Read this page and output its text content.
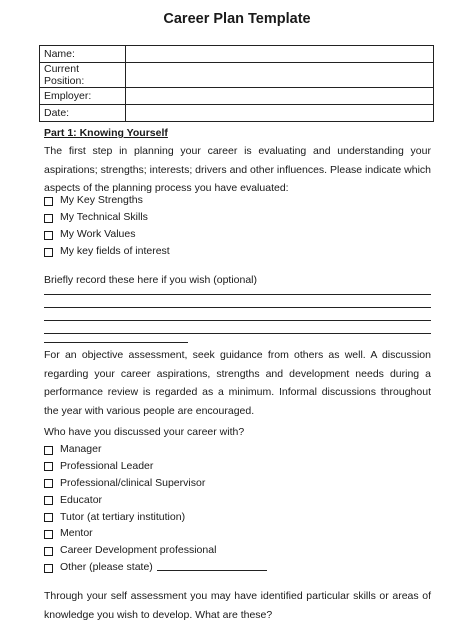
Career Plan Template
Name:	
Current Position:	
Employer:	
Date:	
Part 1: Knowing Yourself

The first step in planning your career is evaluating and understanding your aspirations; strengths; interests; drivers and other influences. Please indicate which aspects of the planning process you have evaluated:

My Key Strengths
My Technical Skills
My Work Values
My key fields of interest
Briefly record these here if you wish (optional)

For an objective assessment, seek guidance from others as well. A discussion regarding your career aspirations, strengths and development needs during a performance review is regarded as a minimum. Informal discussions throughout the year with various people are encouraged.

Who have you discussed your career with?
Manager
Professional Leader
Professional/clinical Supervisor
Educator
Tutor (at tertiary institution)
Mentor
Career Development professional
Other (please state)

Through your self assessment you may have identified particular skills or areas of knowledge you wish to develop. What are these?
